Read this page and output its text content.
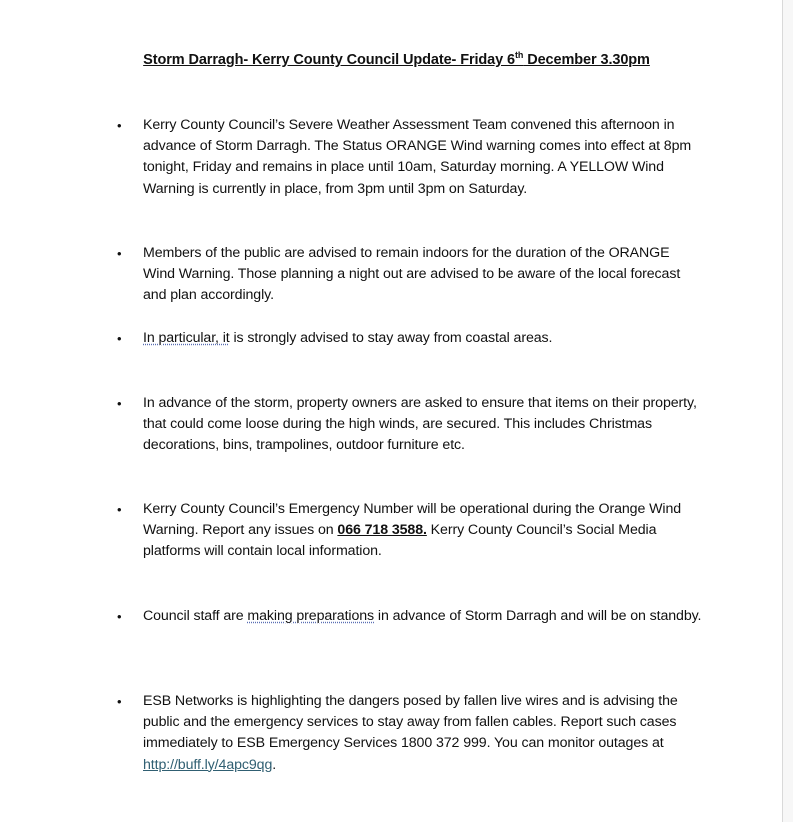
Storm Darragh- Kerry County Council Update- Friday 6th December 3.30pm
• Kerry County Council’s Severe Weather Assessment Team convened this afternoon in advance of Storm Darragh. The Status ORANGE Wind warning comes into effect at 8pm tonight, Friday and remains in place until 10am, Saturday morning. A YELLOW Wind Warning is currently in place, from 3pm until 3pm on Saturday.
• Members of the public are advised to remain indoors for the duration of the ORANGE Wind Warning. Those planning a night out are advised to be aware of the local forecast and plan accordingly.
• In particular, it is strongly advised to stay away from coastal areas.
• In advance of the storm, property owners are asked to ensure that items on their property, that could come loose during the high winds, are secured. This includes Christmas decorations, bins, trampolines, outdoor furniture etc.
• Kerry County Council’s Emergency Number will be operational during the Orange Wind Warning. Report any issues on 066 718 3588. Kerry County Council’s Social Media platforms will contain local information.
• Council staff are making preparations in advance of Storm Darragh and will be on standby.
• ESB Networks is highlighting the dangers posed by fallen live wires and is advising the public and the emergency services to stay away from fallen cables. Report such cases immediately to ESB Emergency Services 1800 372 999. You can monitor outages at http://buff.ly/4apc9qg.
